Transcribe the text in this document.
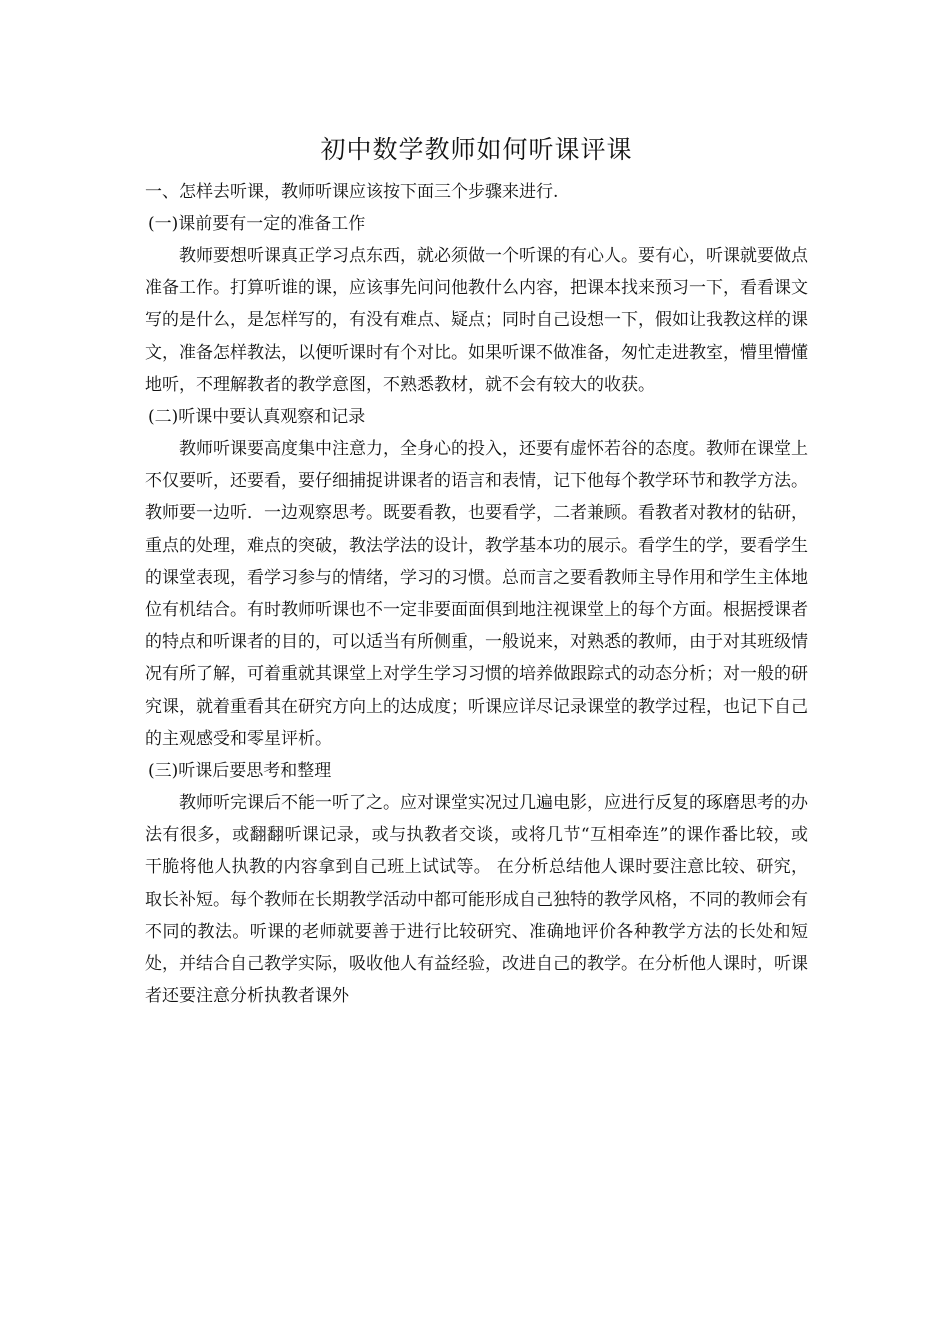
初中数学教师如何听课评课

一、怎样去听课，教师听课应该按下面三个步骤来进行.

(一)课前要有一定的准备工作

教师要想听课真正学习点东西，就必须做一个听课的有心人。要有心，听课就要做点准备工作。打算听谁的课，应该事先问问他教什么内容，把课本找来预习一下，看看课文写的是什么，是怎样写的，有没有难点、疑点；同时自己设想一下，假如让我教这样的课文，准备怎样教法，以便听课时有个对比。如果听课不做准备，匆忙走进教室，懵里懵懂地听，不理解教者的教学意图，不熟悉教材，就不会有较大的收获。

(二)听课中要认真观察和记录

教师听课要高度集中注意力，全身心的投入，还要有虚怀若谷的态度。教师在课堂上不仅要听，还要看，要仔细捕捉讲课者的语言和表情，记下他每个教学环节和教学方法。教师要一边听．一边观察思考。既要看教，也要看学，二者兼顾。看教者对教材的钻研，重点的处理，难点的突破，教法学法的设计，教学基本功的展示。看学生的学，要看学生的课堂表现，看学习参与的情绪，学习的习惯。总而言之要看教师主导作用和学生主体地位有机结合。有时教师听课也不一定非要面面俱到地注视课堂上的每个方面。根据授课者的特点和听课者的目的，可以适当有所侧重，一般说来，对熟悉的教师，由于对其班级情况有所了解，可着重就其课堂上对学生学习习惯的培养做跟踪式的动态分析；对一般的研究课，就着重看其在研究方向上的达成度；听课应详尽记录课堂的教学过程，也记下自己的主观感受和零星评析。

(三)听课后要思考和整理

教师听完课后不能一听了之。应对课堂实况过几遍电影，应进行反复的琢磨思考的办法有很多，或翻翻听课记录，或与执教者交谈，或将几节“互相牵连”的课作番比较，或干脆将他人执教的内容拿到自己班上试试等。 在分析总结他人课时要注意比较、研究，取长补短。每个教师在长期教学活动中都可能形成自己独特的教学风格，不同的教师会有不同的教法。听课的老师就要善于进行比较研究、准确地评价各种教学方法的长处和短处，并结合自己教学实际，吸收他人有益经验，改进自己的教学。在分析他人课时，听课者还要注意分析执教者课外
